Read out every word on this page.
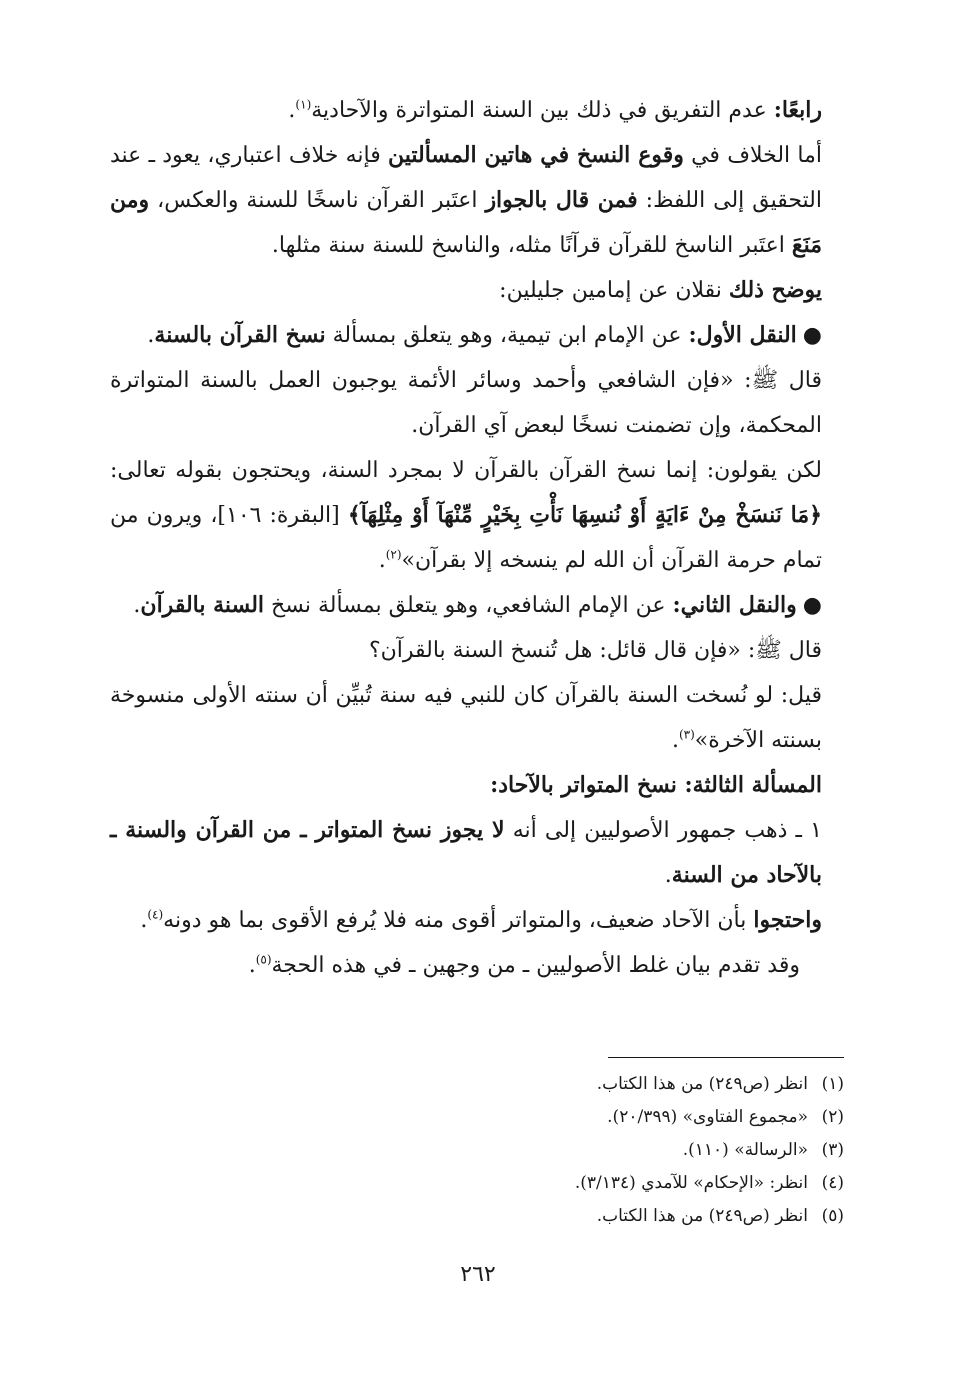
رابعًا: عدم التفريق في ذلك بين السنة المتواترة والآحادية$^{(١)}$.

أما الخلاف في وقوع النسخ في هاتين المسألتين فإنه خلاف اعتباري، يعود ـ عند التحقيق إلى اللفظ: فمن قال بالجواز اعتَبر القرآن ناسخًا للسنة والعكس، ومن مَنَعَ اعتَبر الناسخ للقرآن قرآنًا مثله، والناسخ للسنة سنة مثلها.

يوضح ذلك نقلان عن إمامين جليلين:

●النقل الأول: عن الإمام ابن تيمية، وهو يتعلق بمسألة نسخ القرآن بالسنة.

قال ﷺ: «فإن الشافعي وأحمد وسائر الأئمة يوجبون العمل بالسنة المتواترة المحكمة، وإن تضمنت نسخًا لبعض آي القرآن.

لكن يقولون: إنما نسخ القرآن بالقرآن لا بمجرد السنة، ويحتجون بقوله تعالى: ﴿مَا نَنسَخْ مِنْ ءَايَةٍ أَوْ نُنسِهَا نَأْتِ بِخَيْرٍ مِّنْهَآ أَوْ مِثْلِهَآ﴾ [البقرة: ١٠٦]، ويرون من تمام حرمة القرآن أن الله لم ينسخه إلا بقرآن»$^{(٢)}$.

●والنقل الثاني: عن الإمام الشافعي، وهو يتعلق بمسألة نسخ السنة بالقرآن.

قال ﷺ: «فإن قال قائل: هل تُنسخ السنة بالقرآن؟

قيل: لو نُسخت السنة بالقرآن كان للنبي فيه سنة تُبيِّن أن سنته الأولى منسوخة بسنته الآخرة»$^{(٣)}$.

المسألة الثالثة: نسخ المتواتر بالآحاد:

١ ـ ذهب جمهور الأصوليين إلى أنه لا يجوز نسخ المتواتر ـ من القرآن والسنة ـ بالآحاد من السنة.

واحتجوا بأن الآحاد ضعيف، والمتواتر أقوى منه فلا يُرفع الأقوى بما هو دونه$^{(٤)}$.

وقد تقدم بيان غلط الأصوليين ـ من وجهين ـ في هذه الحجة$^{(٥)}$.

(١)
انظر (ص٢٤٩) من هذا الكتاب.
(٢)
«مجموع الفتاوى» (٢٠/٣٩٩).
(٣)
«الرسالة» (١١٠).
(٤)
انظر: «الإحكام» للآمدي (٣/١٣٤).
(٥)
انظر (ص٢٤٩) من هذا الكتاب.
٢٦٢
